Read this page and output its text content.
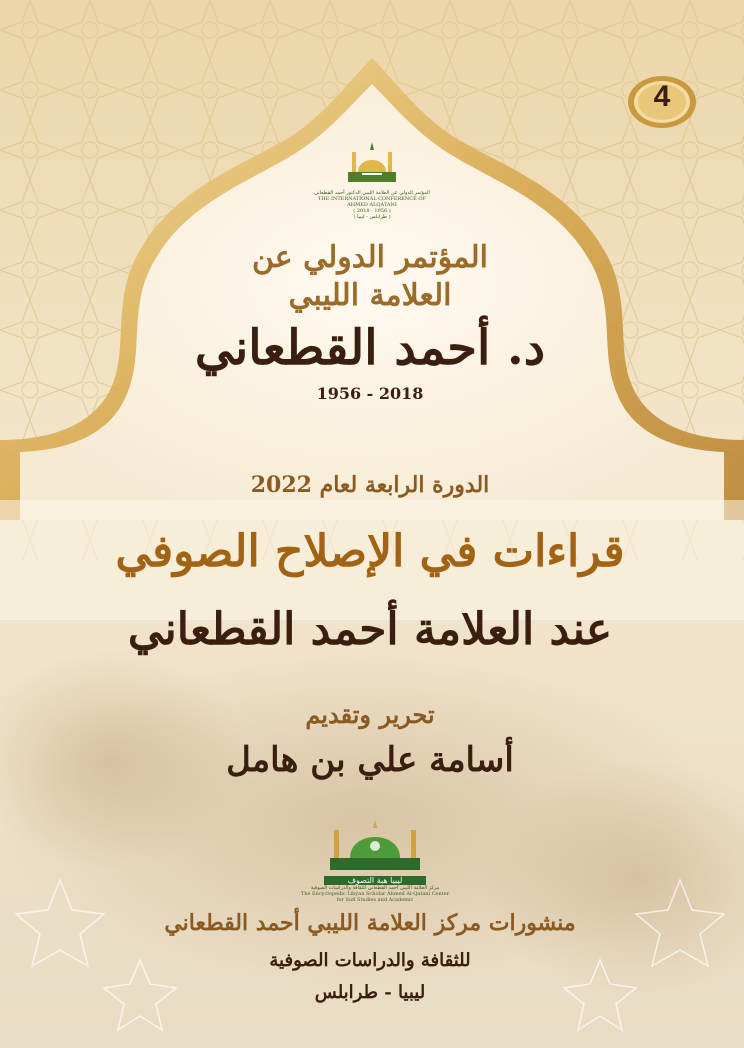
4
المؤتمر الدولي عن العلامة الليبي الدكتور أحمد القطعاني
THE INTERNATIONAL CONFERENCE OF AHMED ALQATANI
( 2018 - 1956 )
( طرابلس - ليبيا )
المؤتمر الدولي عن
العلامة الليبي
د. أحمد القطعاني
1956 - 2018
الدورة الرابعة لعام 2022
قراءات في الإصلاح الصوفي
عند العلامة أحمد القطعاني
تحرير وتقديم
أسامة علي بن هامل
ليبيا هبة التصوف
مركز العلامة الليبي أحمد القطعاني للثقافة والدراسات الصوفية
The Encyclopedic Libyan Scholar Ahmed Al-Qatani Center for Sufi Studies and Academic
منشورات مركز العلامة الليبي أحمد القطعاني
للثقافة والدراسات الصوفية
ليبيا - طرابلس
